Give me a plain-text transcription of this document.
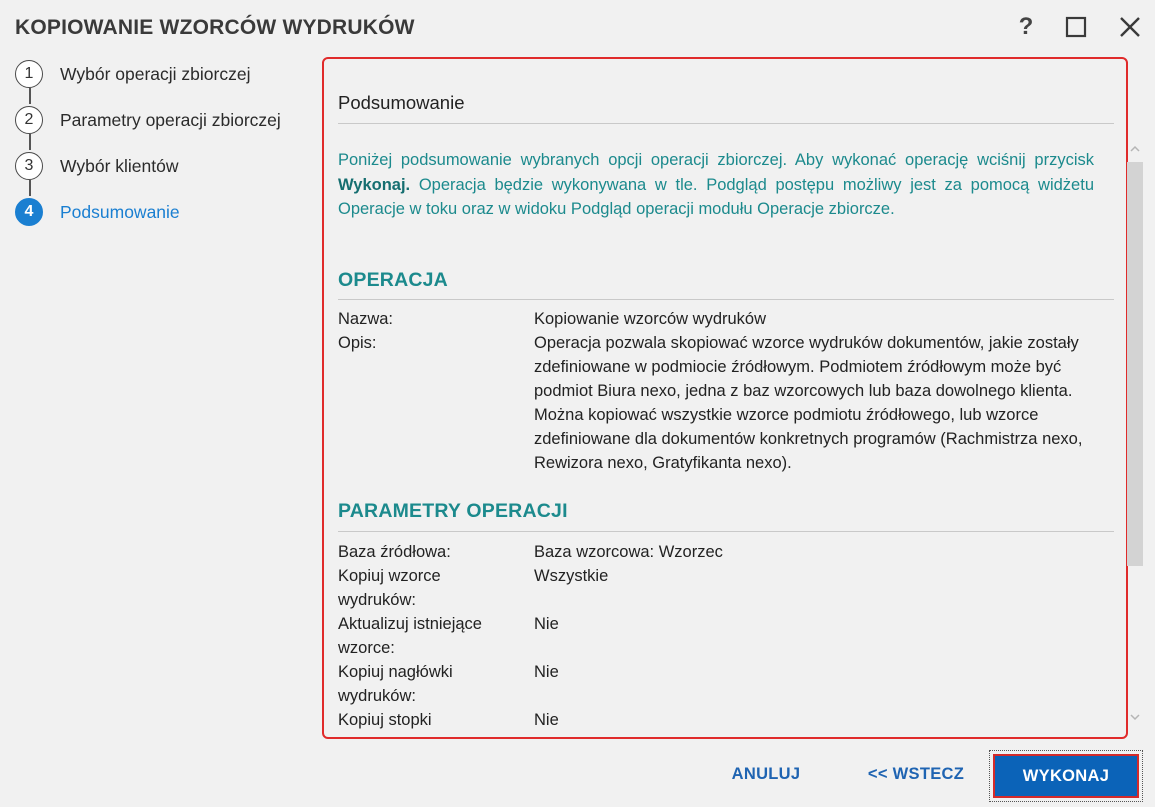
KOPIOWANIE WZORCÓW WYDRUKÓW	?
1	Wybór operacji zbiorczej
2	Parametry operacji zbiorczej
3	Wybór klientów
4	Podsumowanie
Podsumowanie
Poniżej podsumowanie wybranych opcji operacji zbiorczej. Aby wykonać operację wciśnij przycisk Wykonaj. Operacja będzie wykonywana w tle. Podgląd postępu możliwy jest za pomocą widżetu Operacje w toku oraz w widoku Podgląd operacji modułu Operacje zbiorcze.
OPERACJA
Nazwa:	Kopiowanie wzorców wydruków
Opis:	Operacja pozwala skopiować wzorce wydruków dokumentów, jakie zostały zdefiniowane w podmiocie źródłowym. Podmiotem źródłowym może być podmiot Biura nexo, jedna z baz wzorcowych lub baza dowolnego klienta. Można kopiować wszystkie wzorce podmiotu źródłowego, lub wzorce zdefiniowane dla dokumentów konkretnych programów (Rachmistrza nexo, Rewizora nexo, Gratyfikanta nexo).
PARAMETRY OPERACJI
Baza źródłowa:	Baza wzorcowa: Wzorzec
Kopiuj wzorce wydruków:
Wszystkie
Aktualizuj istniejące wzorce:
Nie
Kopiuj nagłówki wydruków:
Nie
Kopiuj stopki	Nie
ANULUJ	<< WSTECZ	WYKONAJ
